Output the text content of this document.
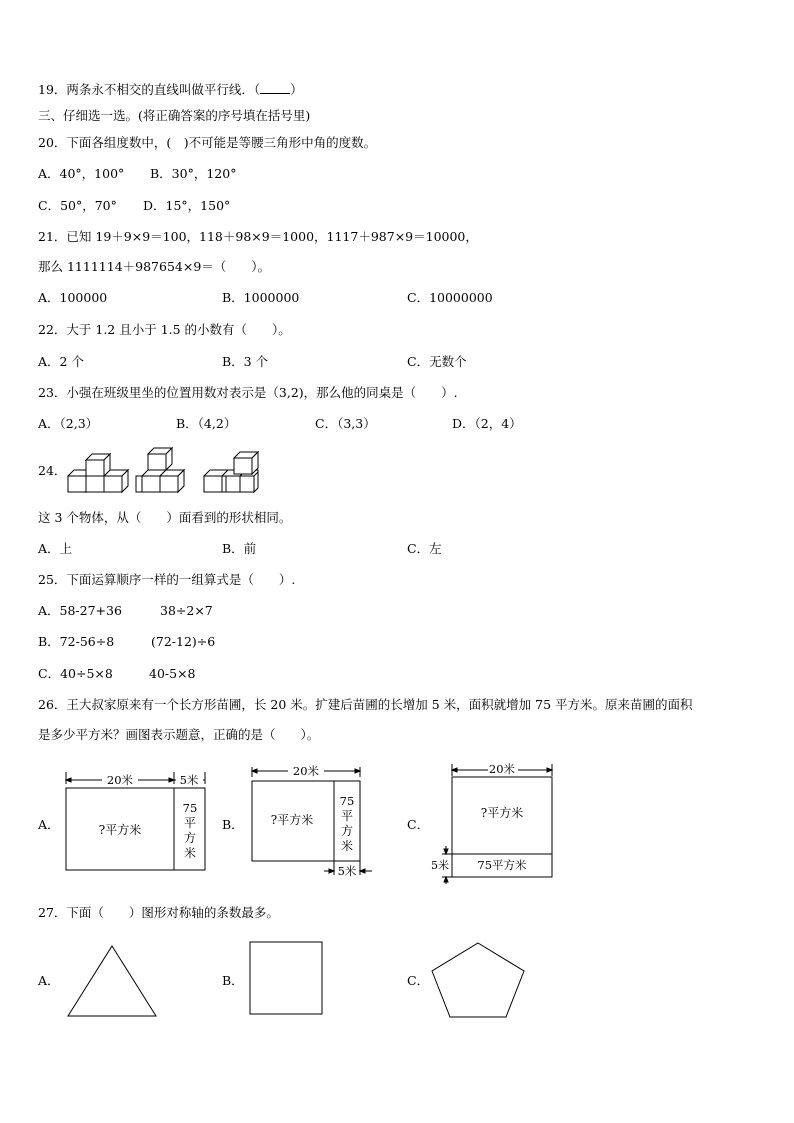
19．两条永不相交的直线叫做平行线．（ ）
三、仔细选一选。(将正确答案的序号填在括号里)
20．下面各组度数中，(　)不可能是等腰三角形中角的度数。
A．40°，100° B．30°，120°
C．50°，70° D．15°，150°
21．已知 19＋9×9＝100，118＋98×9＝1000，1117＋987×9＝10000，
那么 1111114＋987654×9＝（　　）。
A．100000	B．1000000	C．10000000
22．大于 1.2 且小于 1.5 的小数有（　　）。
A．2 个	B．3 个	C．无数个
23．小强在班级里坐的位置用数对表示是（3,2)，那么他的同桌是（　　）.
A．（2,3）	B．（4,2）	C．（3,3）	D．（2，4）
24．
这 3 个物体，从（　　）面看到的形状相同。
A．上	B．前	C．左
25．下面运算顺序一样的一组算式是（　　）.
A．58-27+36	38÷2×7
B．72-56÷8	(72-12)÷6
C．40÷5×8	40-5×8
26．王大叔家原来有一个长方形苗圃，长 20 米。扩建后苗圃的长增加 5 米，面积就增加 75 平方米。原来苗圃的面积
是多少平方米？画图表示题意，正确的是（　　）。
A．	B．	C．
20米	5米
?平方米
75
平
方
米
20米
?平方米
75
平
方
米
5米
20米
?平方米
75平方米
5米
27．下面（　　）图形对称轴的条数最多。
A．	B．	C．
